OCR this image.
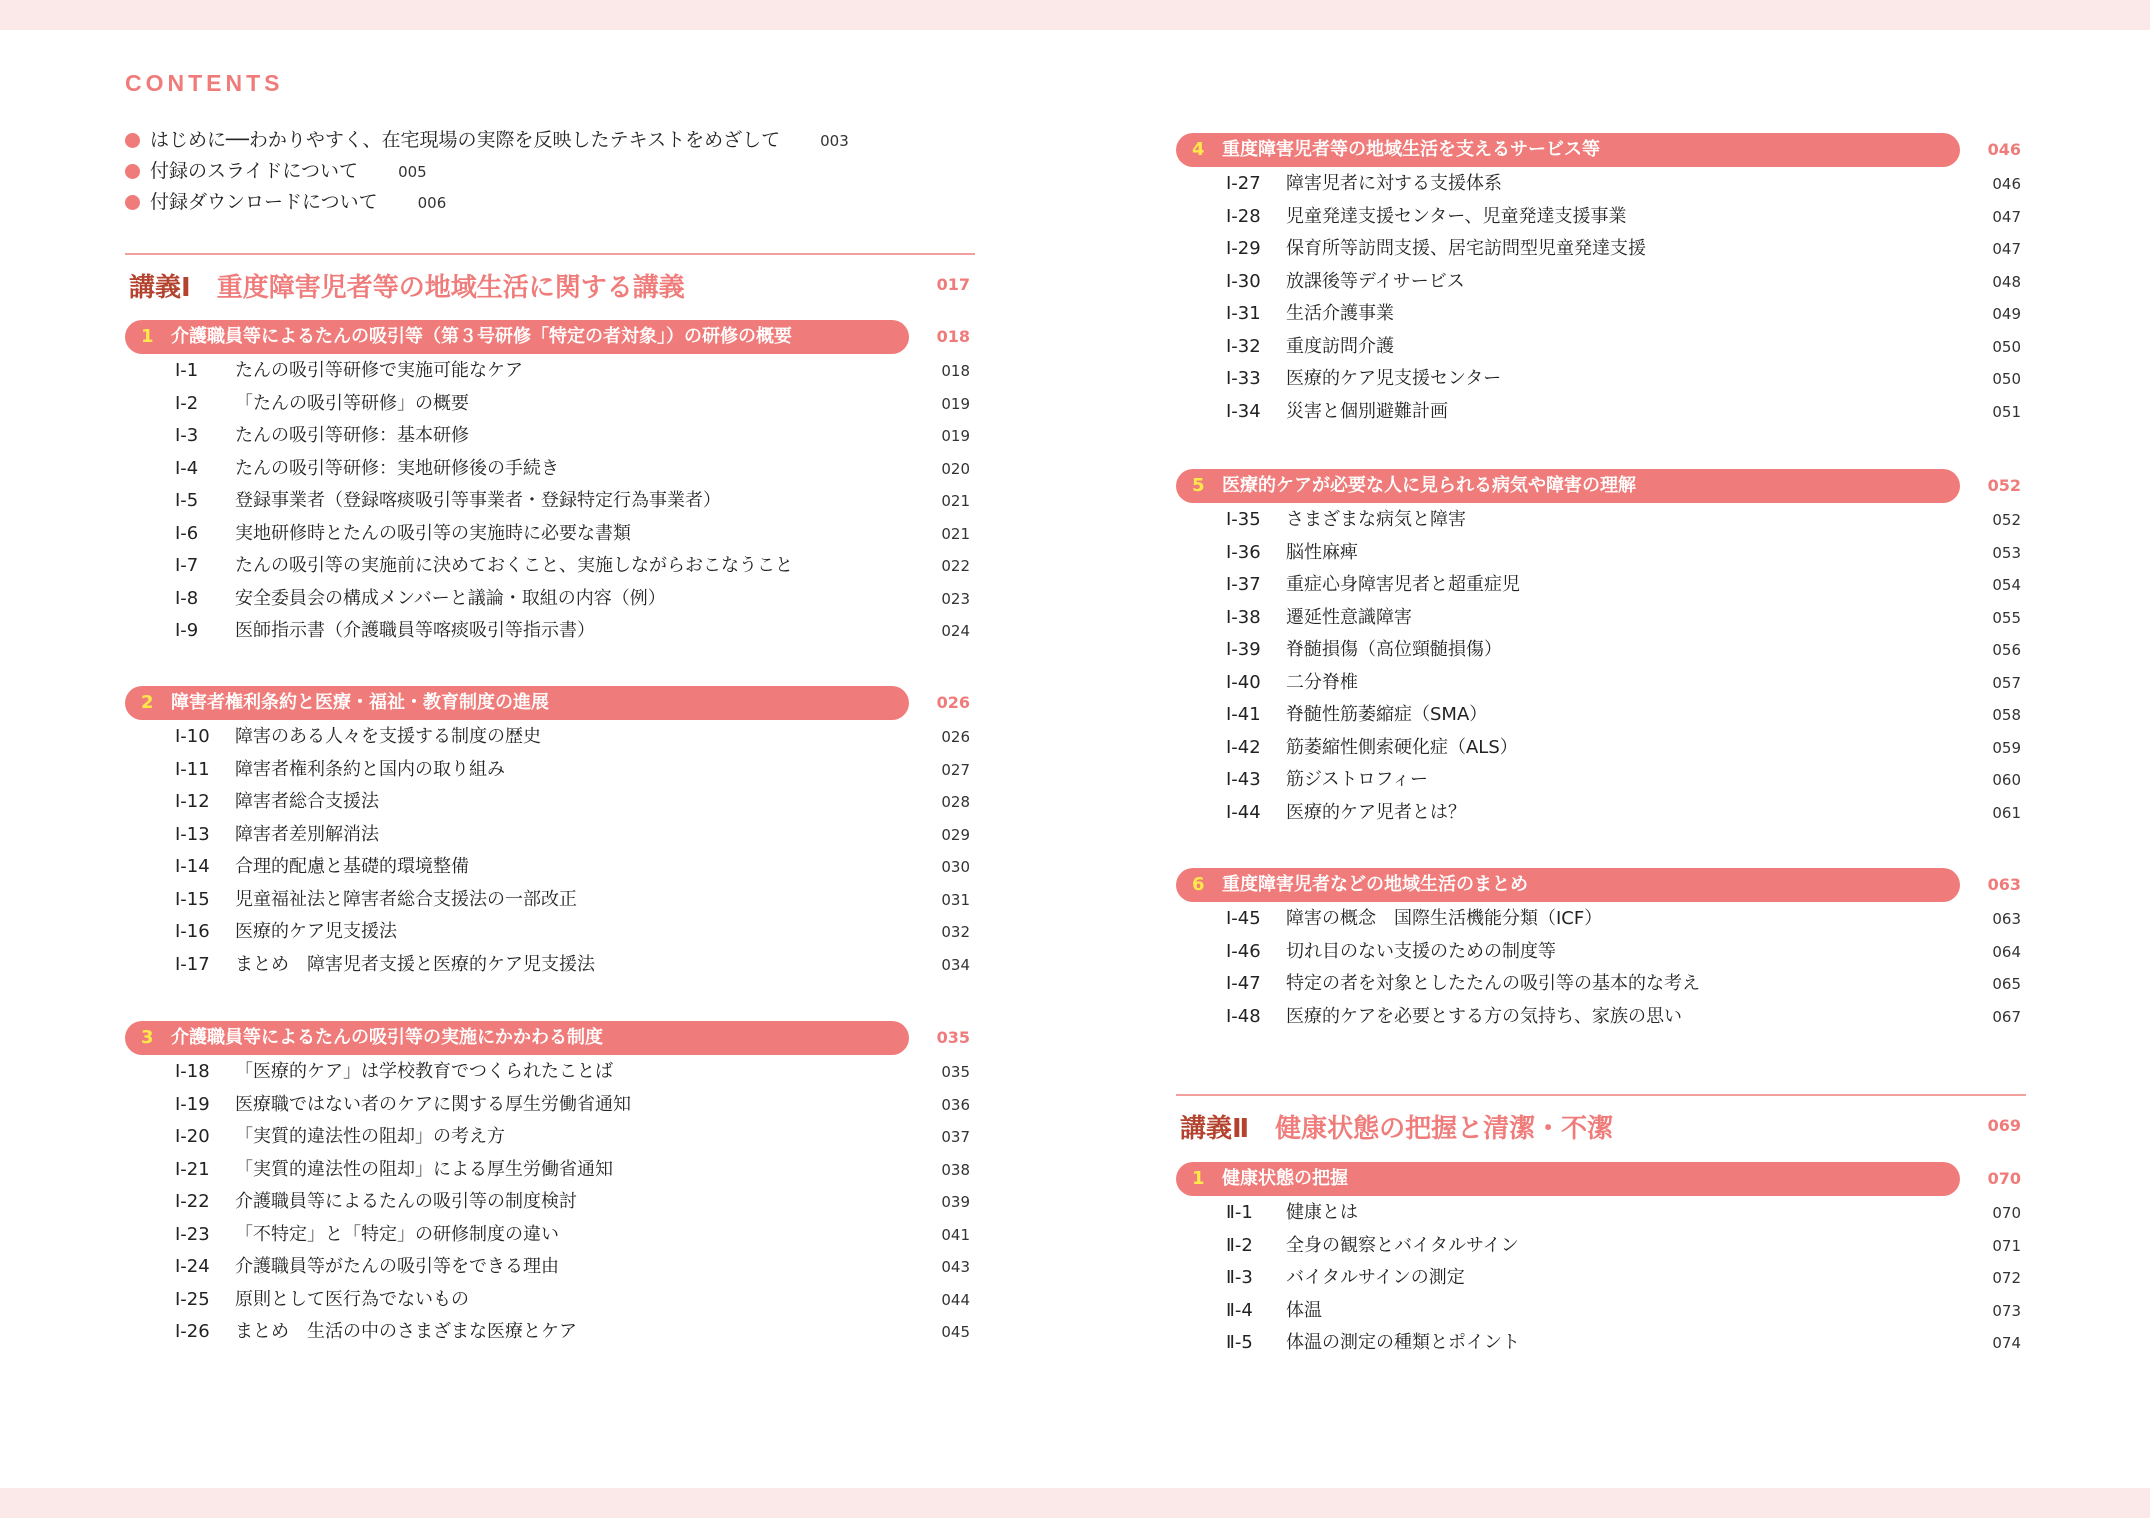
CONTENTS
はじめに──わかりやすく、在宅現場の実際を反映したテキストをめざして	003
付録のスライドについて	005
付録ダウンロードについて	006
講義Ⅰ 重度障害児者等の地域生活に関する講義	017
1 介護職員等によるたんの吸引等（第３号研修「特定の者対象」）の研修の概要	018
Ⅰ-1 たんの吸引等研修で実施可能なケア	018
Ⅰ-2 「たんの吸引等研修」の概要	019
Ⅰ-3 たんの吸引等研修：基本研修	019
Ⅰ-4 たんの吸引等研修：実地研修後の手続き	020
Ⅰ-5 登録事業者（登録喀痰吸引等事業者・登録特定行為事業者）	021
Ⅰ-6 実地研修時とたんの吸引等の実施時に必要な書類	021
Ⅰ-7 たんの吸引等の実施前に決めておくこと、実施しながらおこなうこと	022
Ⅰ-8 安全委員会の構成メンバーと議論・取組の内容（例）	023
Ⅰ-9 医師指示書（介護職員等喀痰吸引等指示書）	024
2 障害者権利条約と医療・福祉・教育制度の進展	026
Ⅰ-10 障害のある人々を支援する制度の歴史	026
Ⅰ-11 障害者権利条約と国内の取り組み	027
Ⅰ-12 障害者総合支援法	028
Ⅰ-13 障害者差別解消法	029
Ⅰ-14 合理的配慮と基礎的環境整備	030
Ⅰ-15 児童福祉法と障害者総合支援法の一部改正	031
Ⅰ-16 医療的ケア児支援法	032
Ⅰ-17 まとめ　障害児者支援と医療的ケア児支援法	034
3 介護職員等によるたんの吸引等の実施にかかわる制度	035
Ⅰ-18 「医療的ケア」は学校教育でつくられたことば	035
Ⅰ-19 医療職ではない者のケアに関する厚生労働省通知	036
Ⅰ-20 「実質的違法性の阻却」の考え方	037
Ⅰ-21 「実質的違法性の阻却」による厚生労働省通知	038
Ⅰ-22 介護職員等によるたんの吸引等の制度検討	039
Ⅰ-23 「不特定」と「特定」の研修制度の違い	041
Ⅰ-24 介護職員等がたんの吸引等をできる理由	043
Ⅰ-25 原則として医行為でないもの	044
Ⅰ-26 まとめ　生活の中のさまざまな医療とケア	045
4 重度障害児者等の地域生活を支えるサービス等	046
Ⅰ-27 障害児者に対する支援体系	046
Ⅰ-28 児童発達支援センター、児童発達支援事業	047
Ⅰ-29 保育所等訪問支援、居宅訪問型児童発達支援	047
Ⅰ-30 放課後等デイサービス	048
Ⅰ-31 生活介護事業	049
Ⅰ-32 重度訪問介護	050
Ⅰ-33 医療的ケア児支援センター	050
Ⅰ-34 災害と個別避難計画	051
5 医療的ケアが必要な人に見られる病気や障害の理解	052
Ⅰ-35 さまざまな病気と障害	052
Ⅰ-36 脳性麻痺	053
Ⅰ-37 重症心身障害児者と超重症児	054
Ⅰ-38 遷延性意識障害	055
Ⅰ-39 脊髄損傷（高位頸髄損傷）	056
Ⅰ-40 二分脊椎	057
Ⅰ-41 脊髄性筋萎縮症（SMA）	058
Ⅰ-42 筋萎縮性側索硬化症（ALS）	059
Ⅰ-43 筋ジストロフィー	060
Ⅰ-44 医療的ケア児者とは？	061
6 重度障害児者などの地域生活のまとめ	063
Ⅰ-45 障害の概念　国際生活機能分類（ICF）	063
Ⅰ-46 切れ目のない支援のための制度等	064
Ⅰ-47 特定の者を対象としたたんの吸引等の基本的な考え	065
Ⅰ-48 医療的ケアを必要とする方の気持ち、家族の思い	067
講義Ⅱ 健康状態の把握と清潔・不潔	069
1 健康状態の把握	070
Ⅱ-1 健康とは	070
Ⅱ-2 全身の観察とバイタルサイン	071
Ⅱ-3 バイタルサインの測定	072
Ⅱ-4 体温	073
Ⅱ-5 体温の測定の種類とポイント	074
